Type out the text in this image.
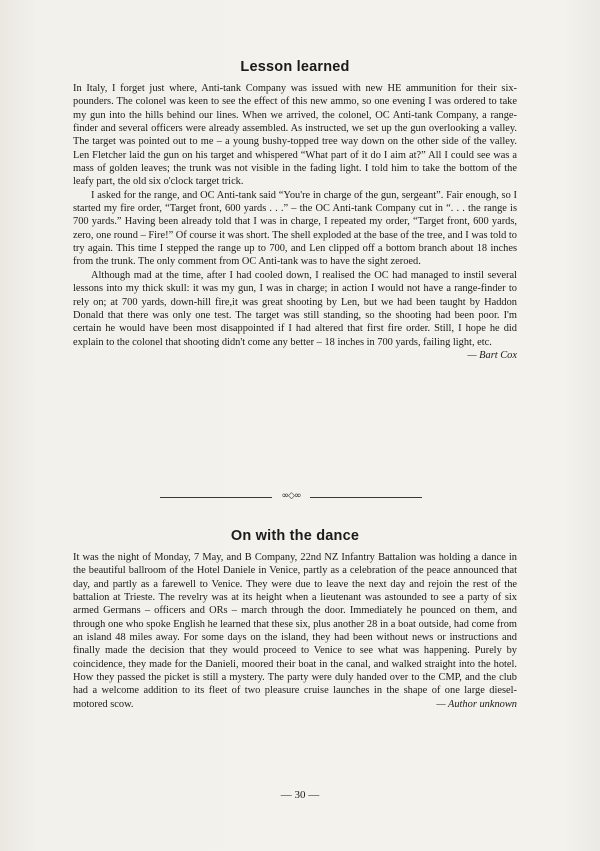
Lesson learned

In Italy, I forget just where, Anti-tank Company was issued with new HE ammunition for their six-pounders. The colonel was keen to see the effect of this new ammo, so one evening I was ordered to take my gun into the hills behind our lines. When we arrived, the colonel, OC Anti-tank Company, a range-finder and several officers were already assembled. As instructed, we set up the gun overlooking a valley. The target was pointed out to me – a young bushy-topped tree way down on the other side of the valley. Len Fletcher laid the gun on his target and whispered “What part of it do I aim at?” All I could see was a mass of golden leaves; the trunk was not visible in the fading light. I told him to take the bottom of the leafy part, the old six o'clock target trick.

I asked for the range, and OC Anti-tank said “You're in charge of the gun, sergeant”. Fair enough, so I started my fire order, “Target front, 600 yards . . .” – the OC Anti-tank Company cut in “. . . the range is 700 yards.” Having been already told that I was in charge, I repeated my order, “Target front, 600 yards, zero, one round – Fire!” Of course it was short. The shell exploded at the base of the tree, and I was told to try again. This time I stepped the range up to 700, and Len clipped off a bottom branch about 18 inches from the trunk. The only comment from OC Anti-tank was to have the sight zeroed.

Although mad at the time, after I had cooled down, I realised the OC had managed to instil several lessons into my thick skull: it was my gun, I was in charge; in action I would not have a range-finder to rely on; at 700 yards, down-hill fire,it was great shooting by Len, but we had been taught by Haddon Donald that there was only one test. The target was still standing, so the shooting had been poor. I'm certain he would have been most disappointed if I had altered that first fire order. Still, I hope he did explain to the colonel that shooting didn't come any better – 18 inches in 700 yards, failing light, etc.
— Bart Cox

∞◇∞
On with the dance

It was the night of Monday, 7 May, and B Company, 22nd NZ Infantry Battalion was holding a dance in the beautiful ballroom of the Hotel Daniele in Venice, partly as a celebration of the peace announced that day, and partly as a farewell to Venice. They were due to leave the next day and rejoin the rest of the battalion at Trieste. The revelry was at its height when a lieutenant was astounded to see a party of six armed Germans – officers and ORs – march through the door. Immediately he pounced on them, and through one who spoke English he learned that these six, plus another 28 in a boat outside, had come from an island 48 miles away. For some days on the island, they had been without news or instructions and finally made the decision that they would proceed to Venice to see what was happening. Purely by coincidence, they made for the Danieli, moored their boat in the canal, and walked straight into the hotel. How they passed the picket is still a mystery. The party were duly handed over to the CMP, and the club had a welcome addition to its fleet of two pleasure cruise launches in the shape of one large diesel-motored scow.	— Author unknown

— 30 —
